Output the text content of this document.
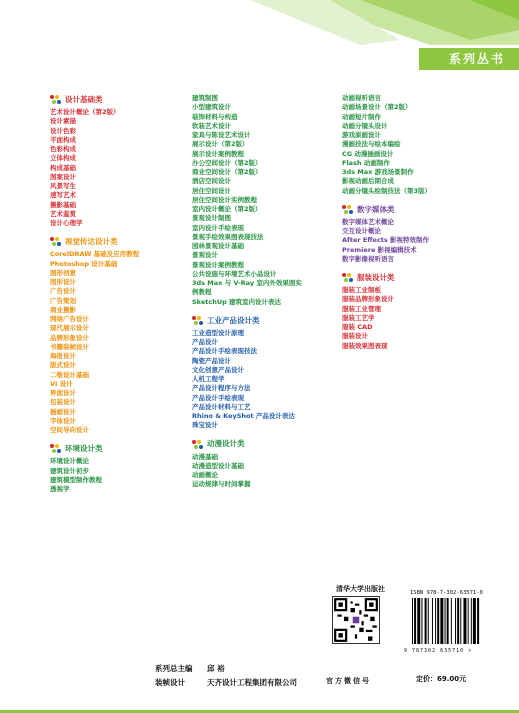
系列丛书
设计基础类
艺术设计概论（第2版）
设计素描
设计色彩
平面构成
色彩构成
立体构成
构成基础
图案设计
风景写生
速写艺术
摄影基础
艺术鉴赏
设计心理学
视觉传达设计类
CorelDRAW 基础及应用教程
Photoshop 设计基础
图形创意
图形设计
广告设计
广告策划
商业摄影
网络广告设计
现代展示设计
品牌形象设计
书籍装帧设计
海报设计
版式设计
二维设计基础
VI 设计
界面设计
包装设计
插画设计
字体设计
空间导向设计
环境设计类
环境设计概论
建筑设计初步
建筑模型制作教程
透视学
建筑制图
小型建筑设计
装饰材料与构造
软装艺术设计
家具与陈设艺术设计
展示设计（第2版）
展示设计案例教程
办公空间设计（第2版）
商业空间设计（第2版）
酒店空间设计
居住空间设计
居住空间设计实例教程
室内设计概论（第2版）
景观设计制图
室内设计手绘表现
景观手绘效果图表现技法
园林景观设计基础
景观设计
景观设计案例教程
公共设施与环境艺术小品设计
3ds Max 与 V-Ray 室内外效果图实
例教程
SketchUp 建筑室内设计表达
工业产品设计类
工业造型设计原理
产品设计
产品设计手绘表现技法
陶瓷产品设计
文化创意产品设计
人机工程学
产品设计程序与方法
产品设计手绘表现
产品设计材料与工艺
Rhino & KeyShot 产品设计表达
珠宝设计
动漫设计类
动漫基础
动漫造型设计基础
动画概论
运动规律与时间掌握
动画视听语言
动画场景设计（第2版）
动画短片制作
动画分镜头设计
游戏原画设计
漫画技法与绘本编绘
CG 动漫插画设计
Flash 动画制作
3ds Max 游戏场景制作
影视动画后期合成
动画分镜头绘制技法（第3版）
数字媒体类
数字媒体艺术概论
交互设计概论
After Effects 影视特效制作
Premiere 影视编辑技术
数字影像视听语言
服装设计类
服装工业制板
服装品牌形象设计
服装工业管理
服装工艺学
服装 CAD
服装设计
服装效果图表现
清华大学出版社	ISBN 978-7-302-63571-0
9 787302 635710 >
定价：69.00元
系列总主编 邱 裕
装帧设计	天齐设计工程集团有限公司	官方微信号
